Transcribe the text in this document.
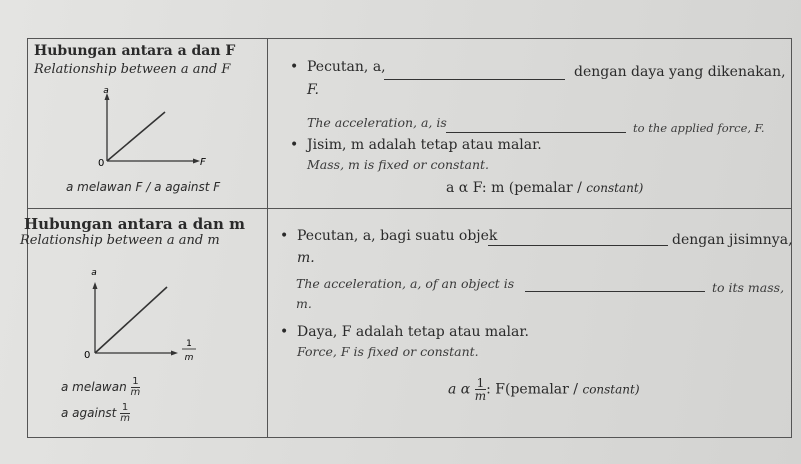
Hubungan antara a dan F
Relationship between a and F
a
0	F
a melawan F / a against F
• Pecutan, a,	dengan daya yang dikenakan,
F.
The acceleration, a, is	to the applied force, F.
• Jisim, m adalah tetap atau malar.
Mass, m is fixed or constant.
a α F: m (pemalar / constant)
Hubungan antara a dan m
Relationship between a and m
a
0
1
m
a melawan $\frac{1}{m}$
a against $\frac{1}{m}$
• Pecutan, a, bagi suatu objek	dengan jisimnya,
m.
The acceleration, a, of an object is	to its mass,
m.
• Daya, F adalah tetap atau malar.
Force, F is fixed or constant.
a α $\frac{1}{m}$ : F(pemalar / constant)
